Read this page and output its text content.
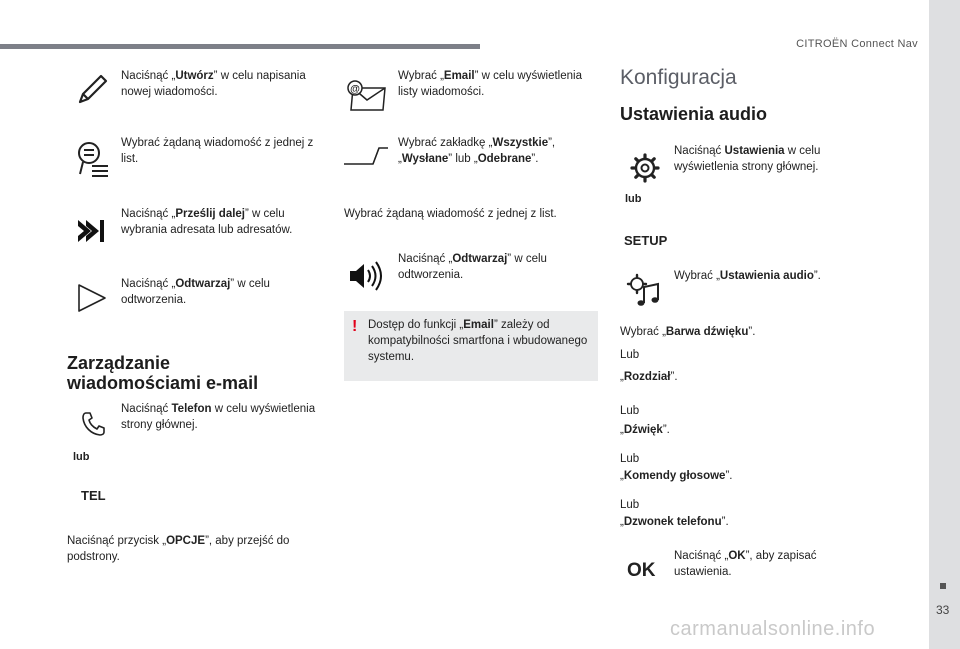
CITROËN Connect Nav
33
Naciśnąć „Utwórz” w celu napisania nowej wiadomości.
Wybrać żądaną wiadomość z jednej z list.
Naciśnąć „Prześlij dalej” w celu wybrania adresata lub adresatów.
Naciśnąć „Odtwarzaj” w celu odtworzenia.
Zarządzanie
wiadomościami e-mail
Naciśnąć Telefon w celu wyświetlenia strony głównej.
lub
TEL
Naciśnąć przycisk „OPCJE”, aby przejść do podstrony.
@
Wybrać „Email” w celu wyświetlenia listy wiadomości.
Wybrać zakładkę „Wszystkie”, „Wysłane” lub „Odebrane”.
Wybrać żądaną wiadomość z jednej z list.
Naciśnąć „Odtwarzaj” w celu odtworzenia.
! Dostęp do funkcji „Email” zależy od kompatybilności smartfona i wbudowanego systemu.
Konfiguracja
Ustawienia audio
Naciśnąć Ustawienia w celu wyświetlenia strony głównej.
lub
SETUP
Wybrać „Ustawienia audio”.
Wybrać „Barwa dźwięku”.
Lub
„Rozdział”.
Lub
„Dźwięk”.
Lub
„Komendy głosowe”.
Lub
„Dzwonek telefonu”.
OK
Naciśnąć „OK”, aby zapisać ustawienia.
carmanualsonline.info
